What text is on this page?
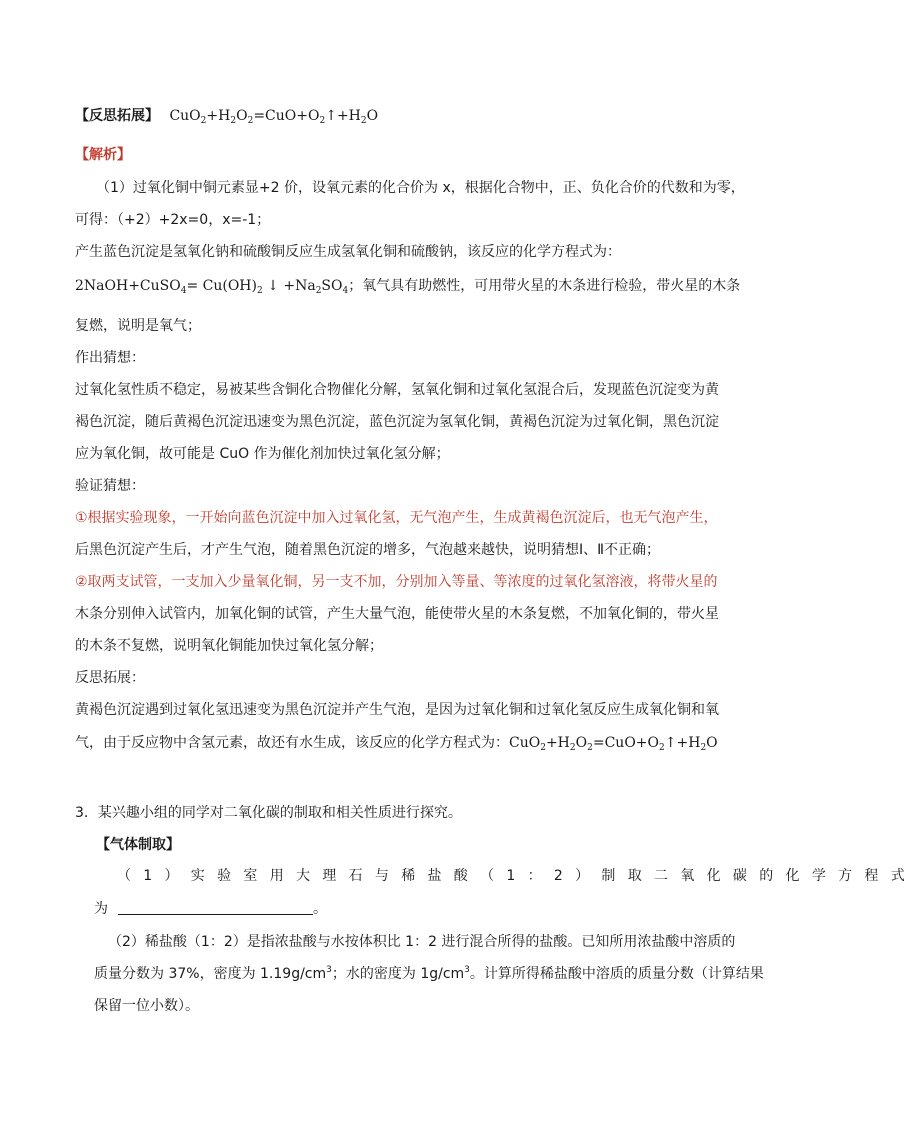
【反思拓展】 $CuO_2+H_2O_2=CuO+O_2↑+H_2O$
【解析】
（1）过氧化铜中铜元素显+2 价，设氧元素的化合价为 x，根据化合物中，正、负化合价的代数和为零，
可得：（+2）+2x=0，x=-1；
产生蓝色沉淀是氢氧化钠和硫酸铜反应生成氢氧化铜和硫酸钠，该反应的化学方程式为：
2NaOH+CuSO$_4$= $Cu(OH)_2$ ↓ $+Na_2SO_4$；氧气具有助燃性，可用带火星的木条进行检验，带火星的木条
复燃，说明是氧气；
作出猜想：
过氧化氢性质不稳定，易被某些含铜化合物催化分解，氢氧化铜和过氧化氢混合后，发现蓝色沉淀变为黄
褐色沉淀，随后黄褐色沉淀迅速变为黑色沉淀，蓝色沉淀为氢氧化铜，黄褐色沉淀为过氧化铜，黑色沉淀
应为氧化铜，故可能是 CuO 作为催化剂加快过氧化氢分解；
验证猜想：
①根据实验现象，一开始向蓝色沉淀中加入过氧化氢，无气泡产生，生成黄褐色沉淀后，也无气泡产生，
后黑色沉淀产生后，才产生气泡，随着黑色沉淀的增多，气泡越来越快，说明猜想Ⅰ、Ⅱ不正确；
②取两支试管，一支加入少量氧化铜，另一支不加，分别加入等量、等浓度的过氧化氢溶液，将带火星的
木条分别伸入试管内，加氧化铜的试管，产生大量气泡，能使带火星的木条复燃，不加氧化铜的，带火星
的木条不复燃，说明氧化铜能加快过氧化氢分解；
反思拓展：
黄褐色沉淀遇到过氧化氢迅速变为黑色沉淀并产生气泡，是因为过氧化铜和过氧化氢反应生成氧化铜和氧
气，由于反应物中含氢元素，故还有水生成，该反应的化学方程式为：$CuO_2+H_2O_2=CuO+O_2↑+H_2O$
3．某兴趣小组的同学对二氧化碳的制取和相关性质进行探究。
【气体制取】
（1）实验室用大理石与稀盐酸（1：2）制取二氧化碳的化学方程式
为	。
（2）稀盐酸（1：2）是指浓盐酸与水按体积比 1：2 进行混合所得的盐酸。已知所用浓盐酸中溶质的
质量分数为 37%，密度为 $1.19g/cm^3$；水的密度为 $1g/cm^3$。计算所得稀盐酸中溶质的质量分数（计算结果
保留一位小数）。
